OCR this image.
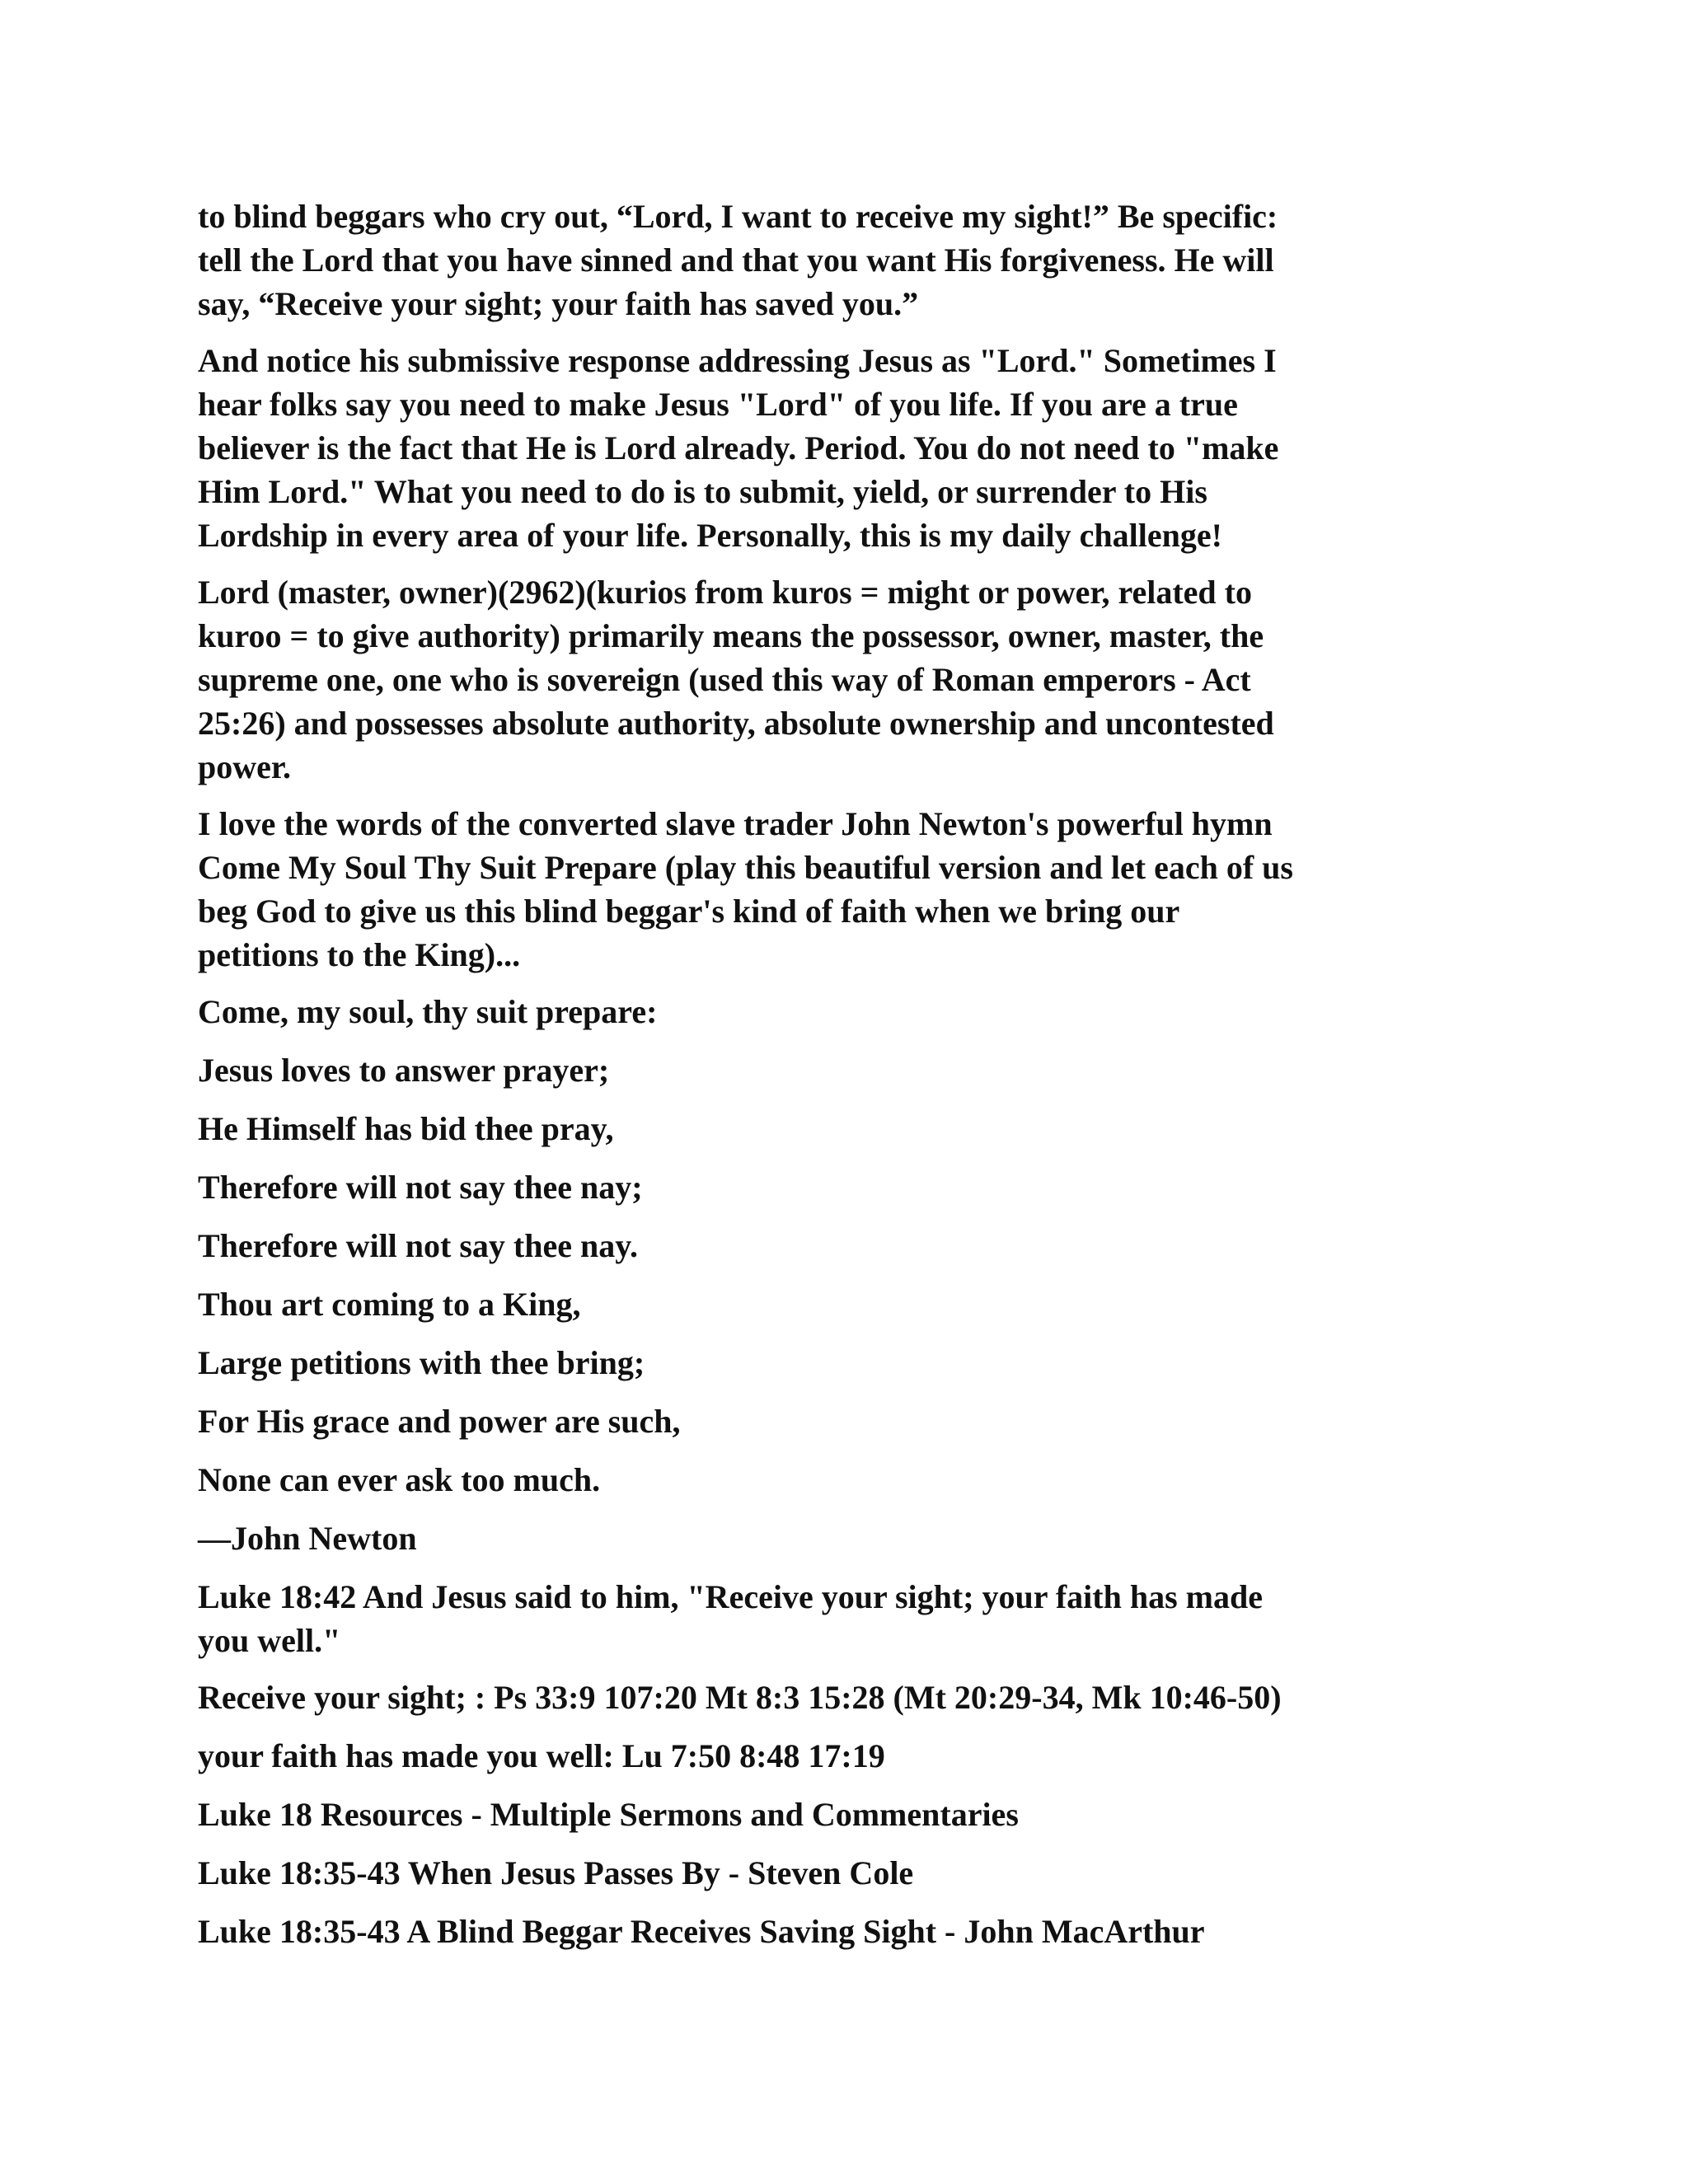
to blind beggars who cry out, “Lord, I want to receive my sight!” Be specific:
tell the Lord that you have sinned and that you want His forgiveness. He will
say, “Receive your sight; your faith has saved you.”

And notice his submissive response addressing Jesus as "Lord." Sometimes I
hear folks say you need to make Jesus "Lord" of you life. If you are a true
believer is the fact that He is Lord already. Period. You do not need to "make
Him Lord." What you need to do is to submit, yield, or surrender to His
Lordship in every area of your life. Personally, this is my daily challenge!

Lord (master, owner)(2962)(kurios from kuros = might or power, related to
kuroo = to give authority) primarily means the possessor, owner, master, the
supreme one, one who is sovereign (used this way of Roman emperors - Act
25:26) and possesses absolute authority, absolute ownership and uncontested
power.

I love the words of the converted slave trader John Newton's powerful hymn
Come My Soul Thy Suit Prepare (play this beautiful version and let each of us
beg God to give us this blind beggar's kind of faith when we bring our
petitions to the King)...

Come, my soul, thy suit prepare:

Jesus loves to answer prayer;

He Himself has bid thee pray,

Therefore will not say thee nay;

Therefore will not say thee nay.

Thou art coming to a King,

Large petitions with thee bring;

For His grace and power are such,

None can ever ask too much.

—John Newton

Luke 18:42 And Jesus said to him, "Receive your sight; your faith has made
you well."

Receive your sight; : Ps 33:9 107:20 Mt 8:3 15:28 (Mt 20:29-34, Mk 10:46-50)

your faith has made you well: Lu 7:50 8:48 17:19

Luke 18 Resources - Multiple Sermons and Commentaries

Luke 18:35-43 When Jesus Passes By - Steven Cole

Luke 18:35-43 A Blind Beggar Receives Saving Sight - John MacArthur
